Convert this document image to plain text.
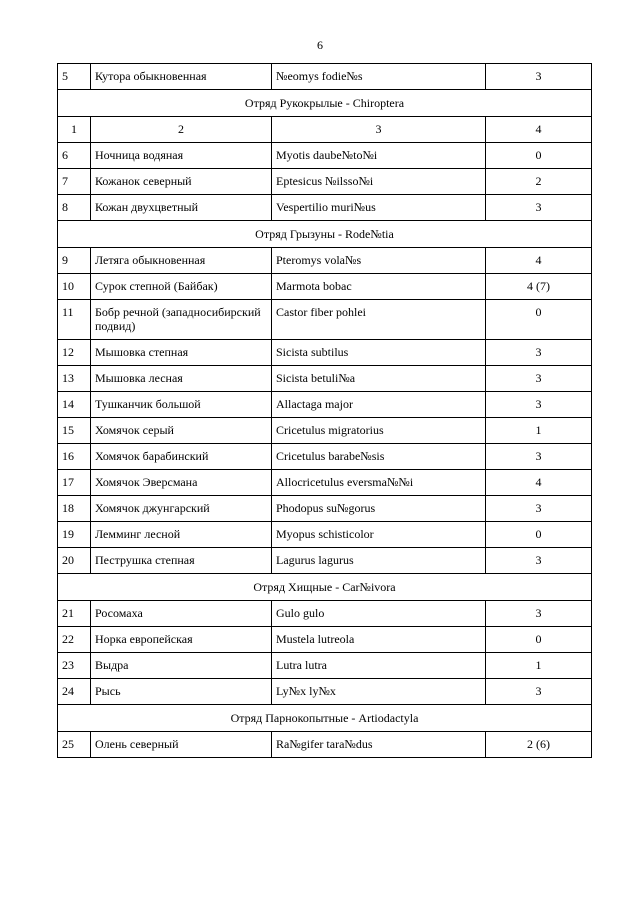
6
5	Кутора обыкновенная	№eomys fodie№s	3
Отряд Рукокрылые - Chiroptera			
1	2	3	4
6	Ночница водяная	Myotis daube№to№i	0
7	Кожанок северный	Eptesicus №ilsso№i	2
8	Кожан двухцветный	Vespertilio muri№us	3
Отряд Грызуны - Rode№tia			
9	Летяга обыкновенная	Pteromys vola№s	4
10	Сурок степной (Байбак)	Marmota bobac	4 (7)
11	Бобр речной (западносибирский подвид)	Castor fiber pohlei	0
12	Мышовка степная	Sicista subtilus	3
13	Мышовка лесная	Sicista betuli№a	3
14	Тушканчик большой	Allactaga major	3
15	Хомячок серый	Cricetulus migratorius	1
16	Хомячок барабинский	Cricetulus barabe№sis	3
17	Хомячок Эверсмана	Allocricetulus eversma№№i	4
18	Хомячок джунгарский	Phodopus su№gorus	3
19	Лемминг лесной	Myopus schisticolor	0
20	Пеструшка степная	Lagurus lagurus	3
Отряд Хищные - Car№ivora			
21	Росомаха	Gulo gulo	3
22	Норка европейская	Mustela lutreola	0
23	Выдра	Lutra lutra	1
24	Рысь	Ly№x ly№x	3
Отряд Парнокопытные - Artiodactyla			
25	Олень северный	Ra№gifer tara№dus	2 (6)
